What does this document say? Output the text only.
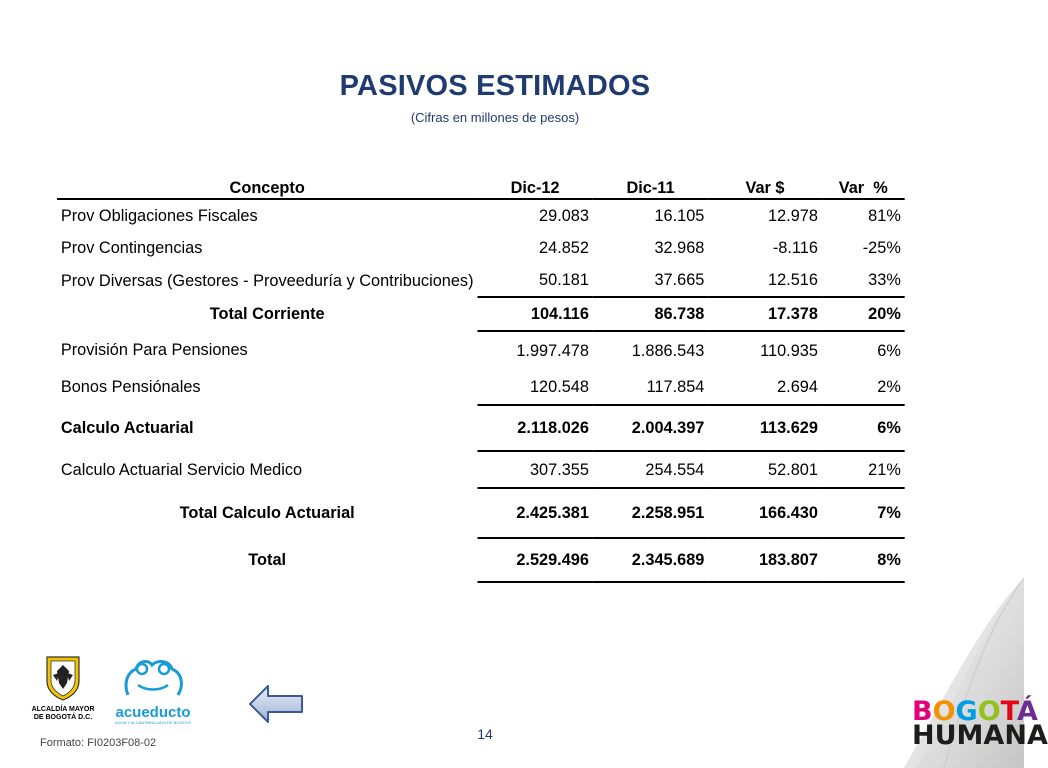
PASIVOS ESTIMADOS
(Cifras en millones de pesos)
Concepto	Dic-12	Dic-11	Var $	Var  %
Prov Obligaciones Fiscales	29.083	16.105	12.978	81%
Prov Contingencias	24.852	32.968	-8.116	-25%
Prov Diversas (Gestores - Proveeduría y Contribuciones)	50.181	37.665	12.516	33%
Total Corriente	104.116	86.738	17.378	20%
Provisión Para Pensiones	1.997.478	1.886.543	110.935	6%
Bonos Pensiónales	120.548	117.854	2.694	2%
Calculo Actuarial	2.118.026	2.004.397	113.629	6%
Calculo Actuarial Servicio Medico	307.355	254.554	52.801	21%
Total Calculo Actuarial	2.425.381	2.258.951	166.430	7%
Total	2.529.496	2.345.689	183.807	8%
ALCALDÍA MAYOR
DE BOGOTÁ D.C.	acueducto
AGUA Y ALCANTARILLADO DE BOGOTÁ
14
Formato: FI0203F08-02
BOGOTÁ
HUMANA
